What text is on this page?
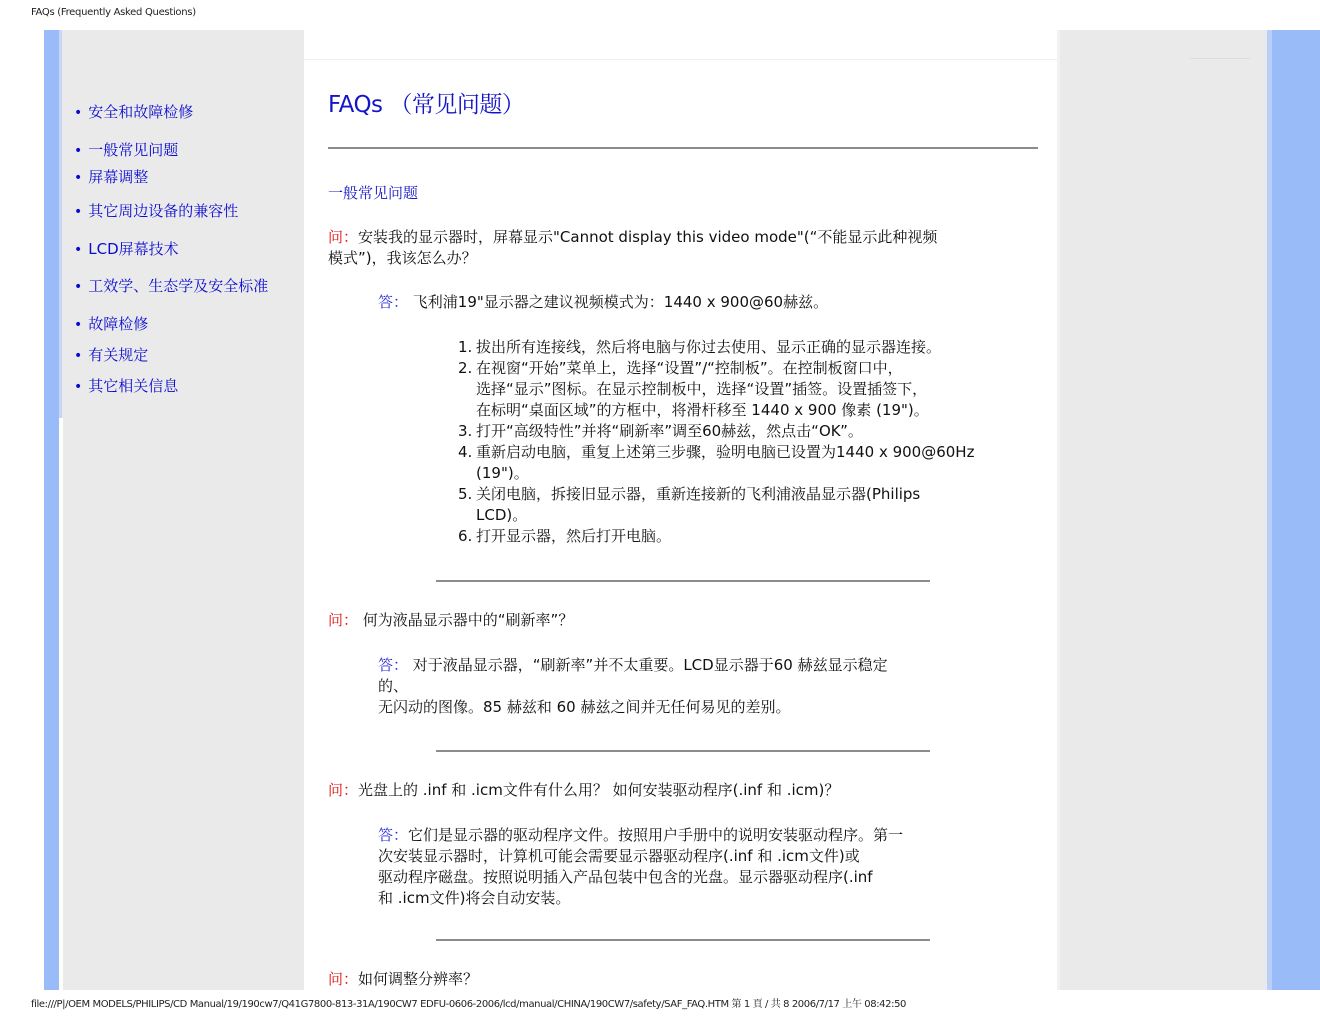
FAQs (Frequently Asked Questions)
• 安全和故障检修
• 一般常见问题
• 屏幕调整
• 其它周边设备的兼容性
• LCD屏幕技术
• 工效学、生态学及安全标准
• 故障检修
• 有关规定
• 其它相关信息
FAQs （常见问题）
一般常见问题
问：安装我的显示器时，屏幕显示"Cannot display this video mode"(“不能显示此种视频
模式”)，我该怎么办？
答： 飞利浦19"显示器之建议视频模式为：1440 x 900@60赫兹。
1. 拔出所有连接线，然后将电脑与你过去使用、显示正确的显示器连接。
2. 在视窗“开始”菜单上，选择“设置”/“控制板”。在控制板窗口中，
选择“显示”图标。在显示控制板中，选择“设置”插签。设置插签下，
在标明“桌面区域”的方框中，将滑杆移至 1440 x 900 像素 (19")。
3. 打开“高级特性”并将“刷新率”调至60赫兹，然点击“OK”。
4. 重新启动电脑，重复上述第三步骤，验明电脑已设置为1440 x 900@60Hz
(19")。
5. 关闭电脑，拆接旧显示器，重新连接新的飞利浦液晶显示器(Philips
LCD)。
6. 打开显示器，然后打开电脑。
问： 何为液晶显示器中的“刷新率”？
答： 对于液晶显示器，“刷新率”并不太重要。LCD显示器于60 赫兹显示稳定
的、
无闪动的图像。85 赫兹和 60 赫兹之间并无任何易见的差别。
问：光盘上的 .inf 和 .icm文件有什么用？ 如何安装驱动程序(.inf 和 .icm)？
答：它们是显示器的驱动程序文件。按照用户手册中的说明安装驱动程序。第一
次安装显示器时，计算机可能会需要显示器驱动程序(.inf 和 .icm文件)或
驱动程序磁盘。按照说明插入产品包装中包含的光盘。显示器驱动程序(.inf
和 .icm文件)将会自动安装。
问：如何调整分辨率？
file:///P|/OEM MODELS/PHILIPS/CD Manual/19/190cw7/Q41G7800-813-31A/190CW7 EDFU-0606-2006/lcd/manual/CHINA/190CW7/safety/SAF_FAQ.HTM 第 1 頁 / 共 8 2006/7/17 上午 08:42:50
